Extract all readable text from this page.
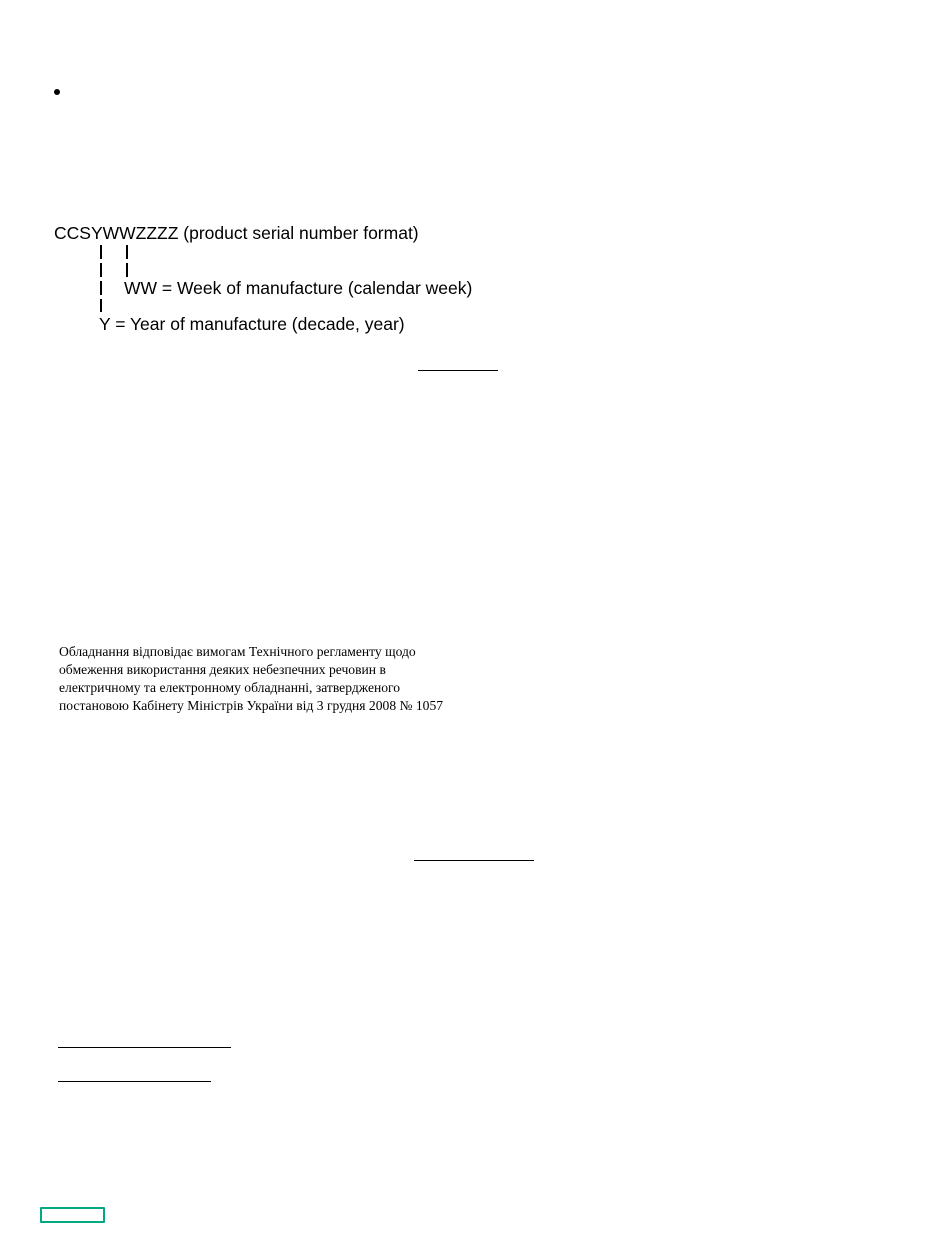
CCSYWWZZZZ (product serial number format)
WW = Week of manufacture (calendar week)
Y = Year of manufacture (decade, year)
Обладнання відповідає вимогам Технічного регламенту щодо
обмеження використання деяких небезпечних речовин в
електричному та електронному обладнанні, затвердженого
постановою Кабінету Міністрів України від 3 грудня 2008 № 1057
